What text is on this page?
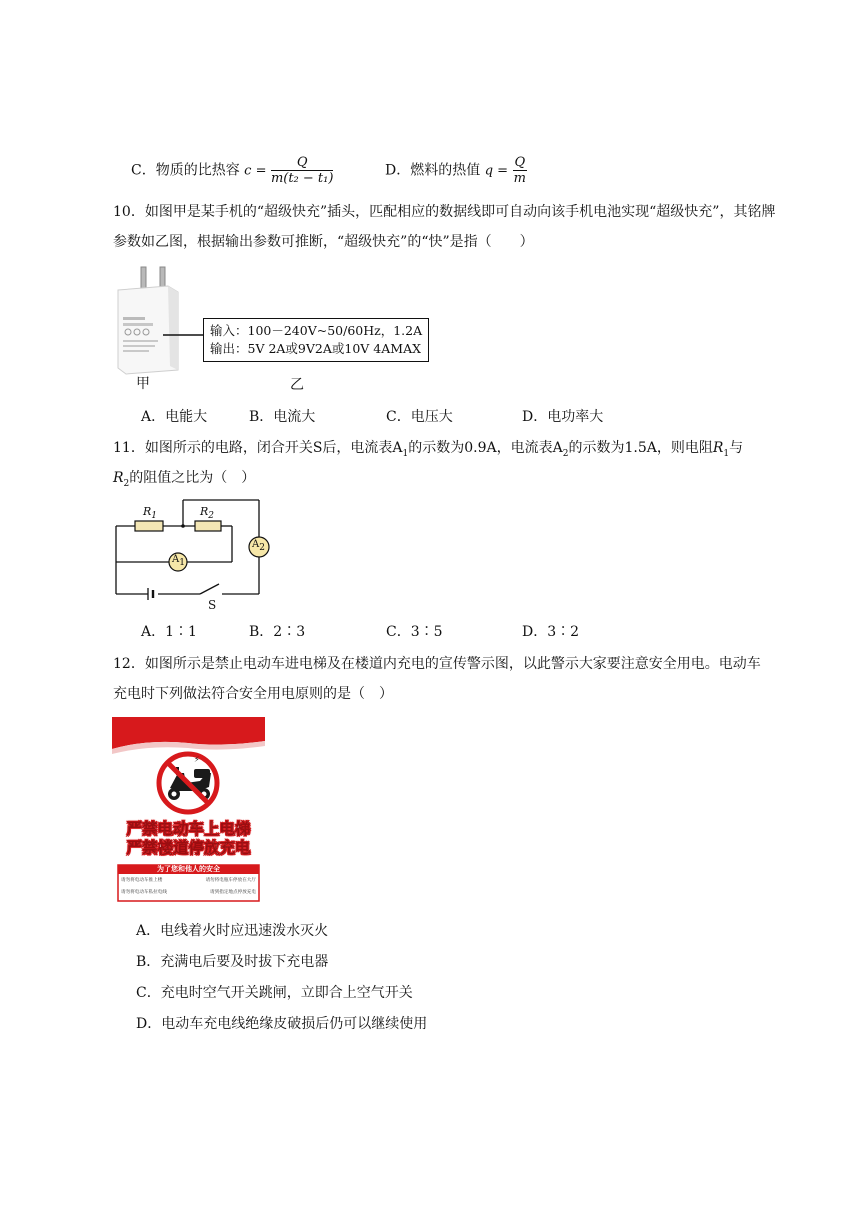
C．物质的比热容 $c = \frac{Q}{\text{m(t₂ − t₁)}}$	D．燃料的热值 $q = \frac{Q}{m}$
10．如图甲是某手机的“超级快充”插头，匹配相应的数据线即可自动向该手机电池实现“超级快充”，其铭牌
参数如乙图，根据输出参数可推断，“超级快充”的“快”是指（　　）
输入：100－240V~50/60Hz，1.2A
输出：5V 2A或9V2A或10V 4AMAX
甲	乙
A．电能大	B．电流大	C．电压大	D．电功率大
11．如图所示的电路，闭合开关S后，电流表$A_1$的示数为0.9A，电流表$A_2$的示数为1.5A，则电阻$R_1$与
$R_2$的阻值之比为（　）
$R_1$	$R_2$
$A_1$
$A_2$
S
A．1∶1	B．2∶3	C．3∶5	D．3∶2
12．如图所示是禁止电动车进电梯及在楼道内充电的宣传警示图，以此警示大家要注意安全用电。电动车
充电时下列做法符合安全用电原则的是（　）
⚡
严禁电动车上电梯
严禁楼道停放充电
为了您和他人的安全
请勿将电动车推上楼	请勿将电瓶车停放在大厅
请勿将电动车私拉电线	请到指定地点停放充电
A．电线着火时应迅速泼水灭火
B．充满电后要及时拔下充电器
C．充电时空气开关跳闸，立即合上空气开关
D．电动车充电线绝缘皮破损后仍可以继续使用
